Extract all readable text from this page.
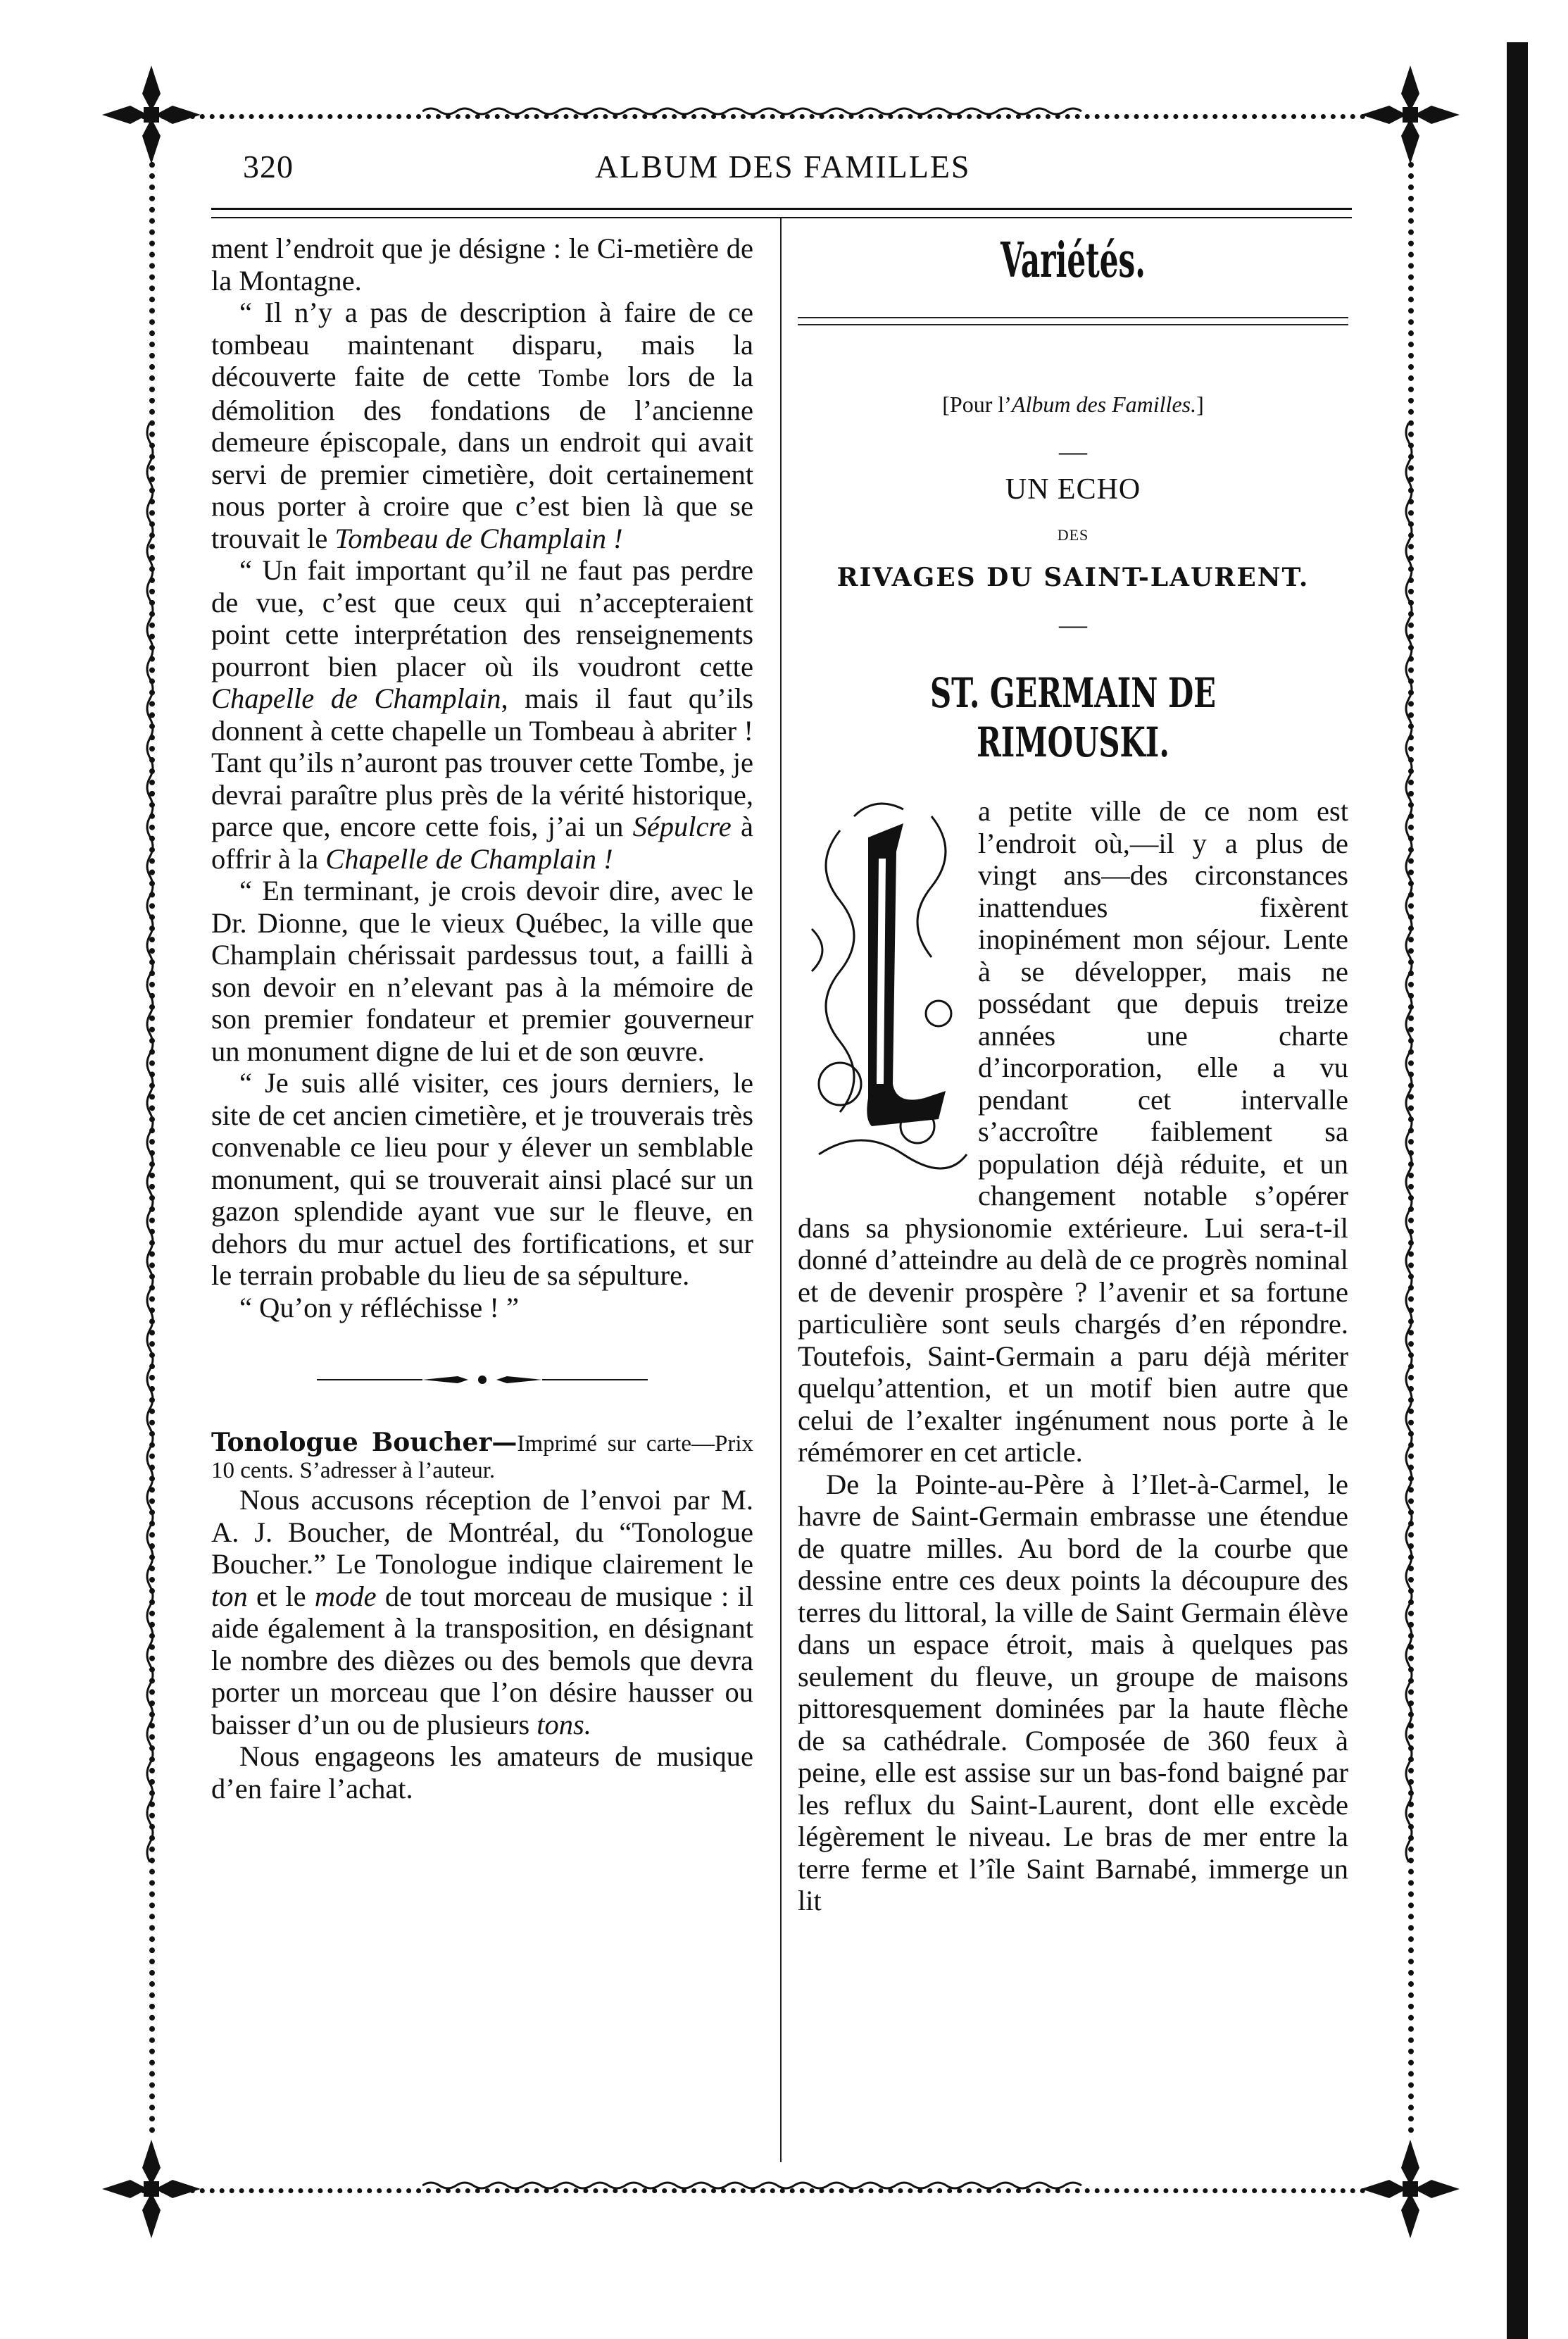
320	ALBUM DES FAMILLES

ment l’endroit que je désigne : le Ci-metière de la Montagne.

“ Il n’y a pas de description à faire de ce tombeau maintenant disparu, mais la découverte faite de cette Tombe lors de la démolition des fondations de l’ancienne demeure épiscopale, dans un endroit qui avait servi de premier cimetière, doit certainement nous porter à croire que c’est bien là que se trouvait le Tombeau de Champlain !

“ Un fait important qu’il ne faut pas perdre de vue, c’est que ceux qui n’accepteraient point cette interprétation des renseignements pourront bien placer où ils voudront cette Chapelle de Champlain, mais il faut qu’ils donnent à cette chapelle un Tombeau à abriter ! Tant qu’ils n’auront pas trouver cette Tombe, je devrai paraître plus près de la vérité historique, parce que, encore cette fois, j’ai un Sépulcre à offrir à la Chapelle de Champlain !

“ En terminant, je crois devoir dire, avec le Dr. Dionne, que le vieux Québec, la ville que Champlain chérissait pardessus tout, a failli à son devoir en n’elevant pas à la mémoire de son premier fondateur et premier gouverneur un monument digne de lui et de son œuvre.

“ Je suis allé visiter, ces jours derniers, le site de cet ancien cimetière, et je trouverais très convenable ce lieu pour y élever un semblable monument, qui se trouverait ainsi placé sur un gazon splendide ayant vue sur le fleuve, en dehors du mur actuel des fortifications, et sur le terrain probable du lieu de sa sépulture.

“ Qu’on y réfléchisse ! ”

Tonologue Boucher—Imprimé sur carte—Prix 10 cents. S’adresser à l’auteur.

Nous accusons réception de l’envoi par M. A. J. Boucher, de Montréal, du “Tonologue Boucher.” Le Tonologue indique clairement le ton et le mode de tout morceau de musique : il aide également à la transposition, en désignant le nombre des dièzes ou des bemols que devra porter un morceau que l’on désire hausser ou baisser d’un ou de plusieurs tons.

Nous engageons les amateurs de musique d’en faire l’achat.

Variétés.
[Pour l’Album des Familles.]
—
UN ECHO
DES
RIVAGES DU SAINT-LAURENT.
—
ST. GERMAIN DE RIMOUSKI.

a petite ville de ce nom est l’endroit où,—il y a plus de vingt ans—des circonstances inattendues fixèrent inopinément mon séjour. Lente à se développer, mais ne possédant que depuis treize années une charte d’incorporation, elle a vu pendant cet intervalle s’accroître faiblement sa population déjà réduite, et un changement notable s’opérer dans sa physionomie extérieure. Lui sera-t-il donné d’atteindre au delà de ce progrès nominal et de devenir prospère ? l’avenir et sa fortune particulière sont seuls chargés d’en répondre. Toutefois, Saint-Germain a paru déjà mériter quelqu’attention, et un motif bien autre que celui de l’exalter ingénument nous porte à le rémémorer en cet article.

De la Pointe-au-Père à l’Ilet-à-Carmel, le havre de Saint-Germain embrasse une étendue de quatre milles. Au bord de la courbe que dessine entre ces deux points la découpure des terres du littoral, la ville de Saint Germain élève dans un espace étroit, mais à quelques pas seulement du fleuve, un groupe de maisons pittoresquement dominées par la haute flèche de sa cathédrale. Composée de 360 feux à peine, elle est assise sur un bas-fond baigné par les reflux du Saint-Laurent, dont elle excède légèrement le niveau. Le bras de mer entre la terre ferme et l’île Saint Barnabé, immerge un lit
